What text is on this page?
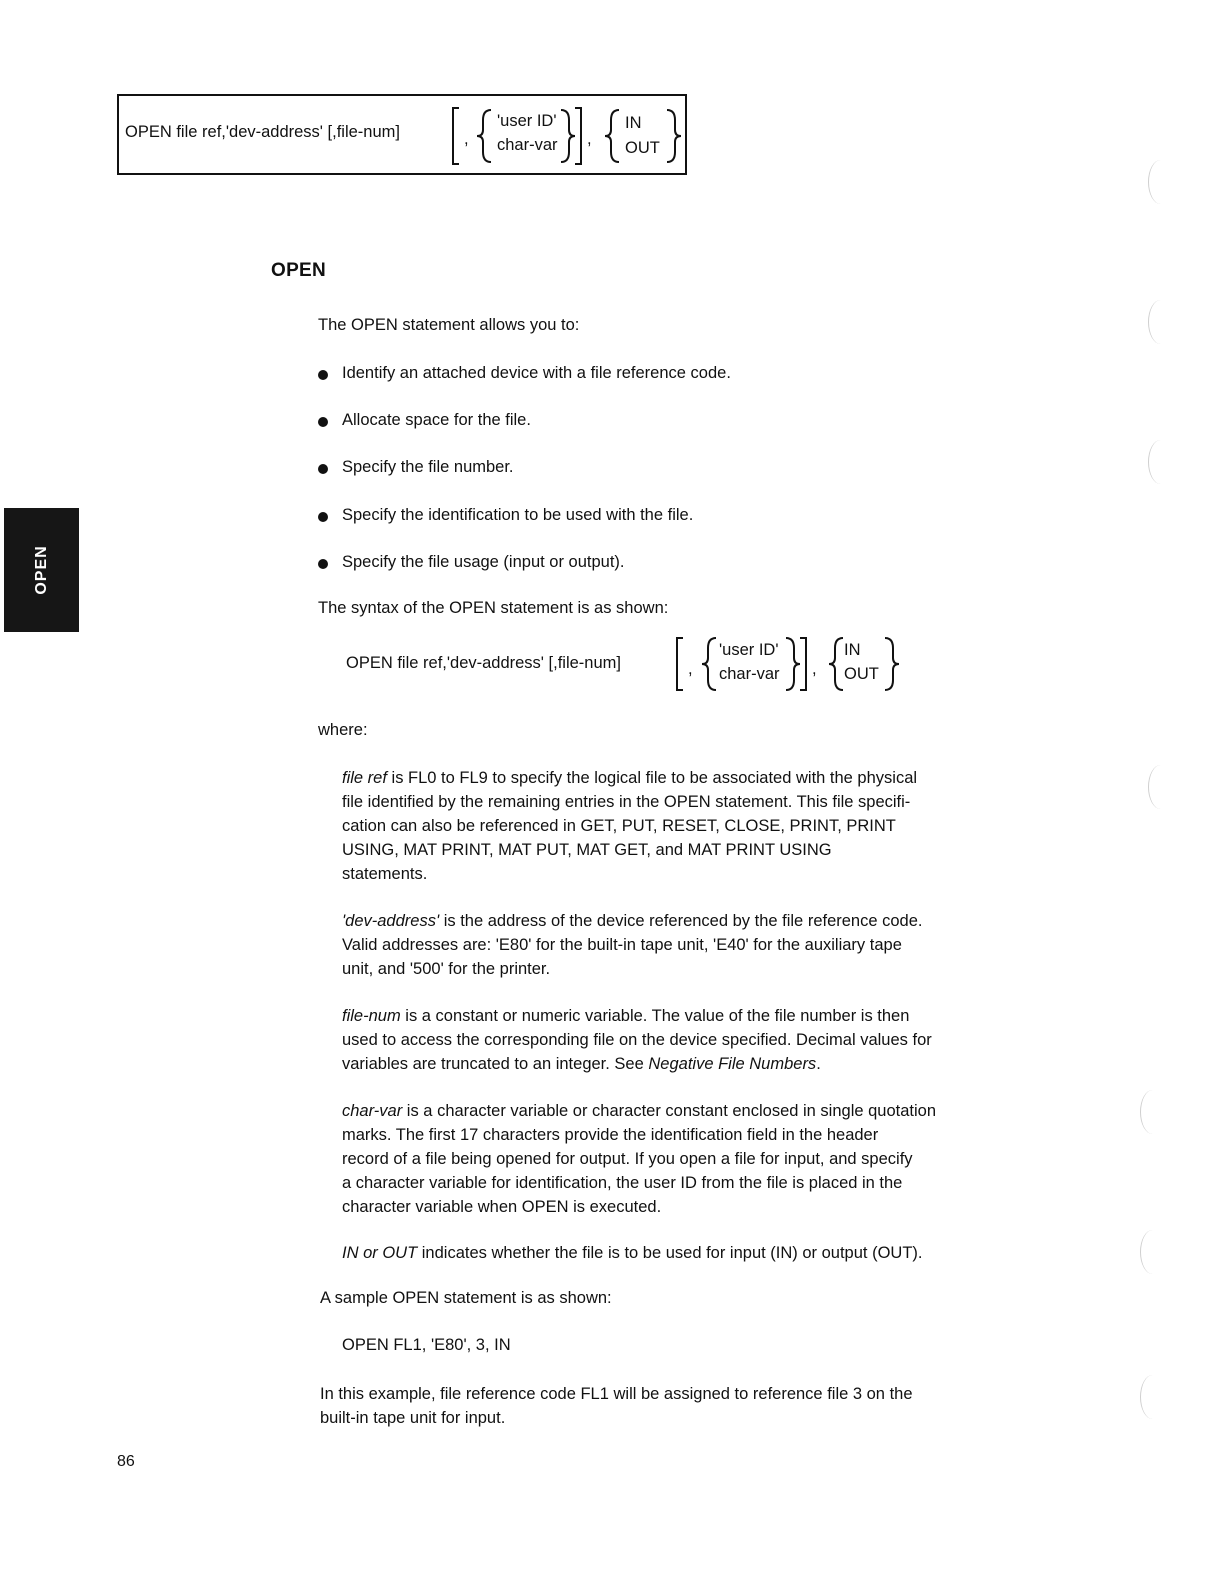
OPEN file ref,'dev-address' [,file-num]	,
'user ID'
char-var ,
IN
OUT
OPEN
The OPEN statement allows you to:
Identify an attached device with a file reference code.
Allocate space for the file.
Specify the file number.
Specify the identification to be used with the file.
Specify the file usage (input or output).
The syntax of the OPEN statement is as shown:
OPEN file ref,'dev-address' [,file-num]	,
'user ID'
char-var ,
IN
OUT
where:
file ref is FL0 to FL9 to specify the logical file to be associated with the physical
file identified by the remaining entries in the OPEN statement. This file specifi-
cation can also be referenced in GET, PUT, RESET, CLOSE, PRINT, PRINT
USING, MAT PRINT, MAT PUT, MAT GET, and MAT PRINT USING
statements.
'dev-address' is the address of the device referenced by the file reference code.
Valid addresses are: 'E80' for the built-in tape unit, 'E40' for the auxiliary tape
unit, and '500' for the printer.
file-num is a constant or numeric variable. The value of the file number is then
used to access the corresponding file on the device specified. Decimal values for
variables are truncated to an integer. See Negative File Numbers.
char-var is a character variable or character constant enclosed in single quotation
marks. The first 17 characters provide the identification field in the header
record of a file being opened for output. If you open a file for input, and specify
a character variable for identification, the user ID from the file is placed in the
character variable when OPEN is executed.
IN or OUT indicates whether the file is to be used for input (IN) or output (OUT).
A sample OPEN statement is as shown:
OPEN FL1, 'E80', 3, IN
In this example, file reference code FL1 will be assigned to reference file 3 on the
built-in tape unit for input.
OPEN
86
